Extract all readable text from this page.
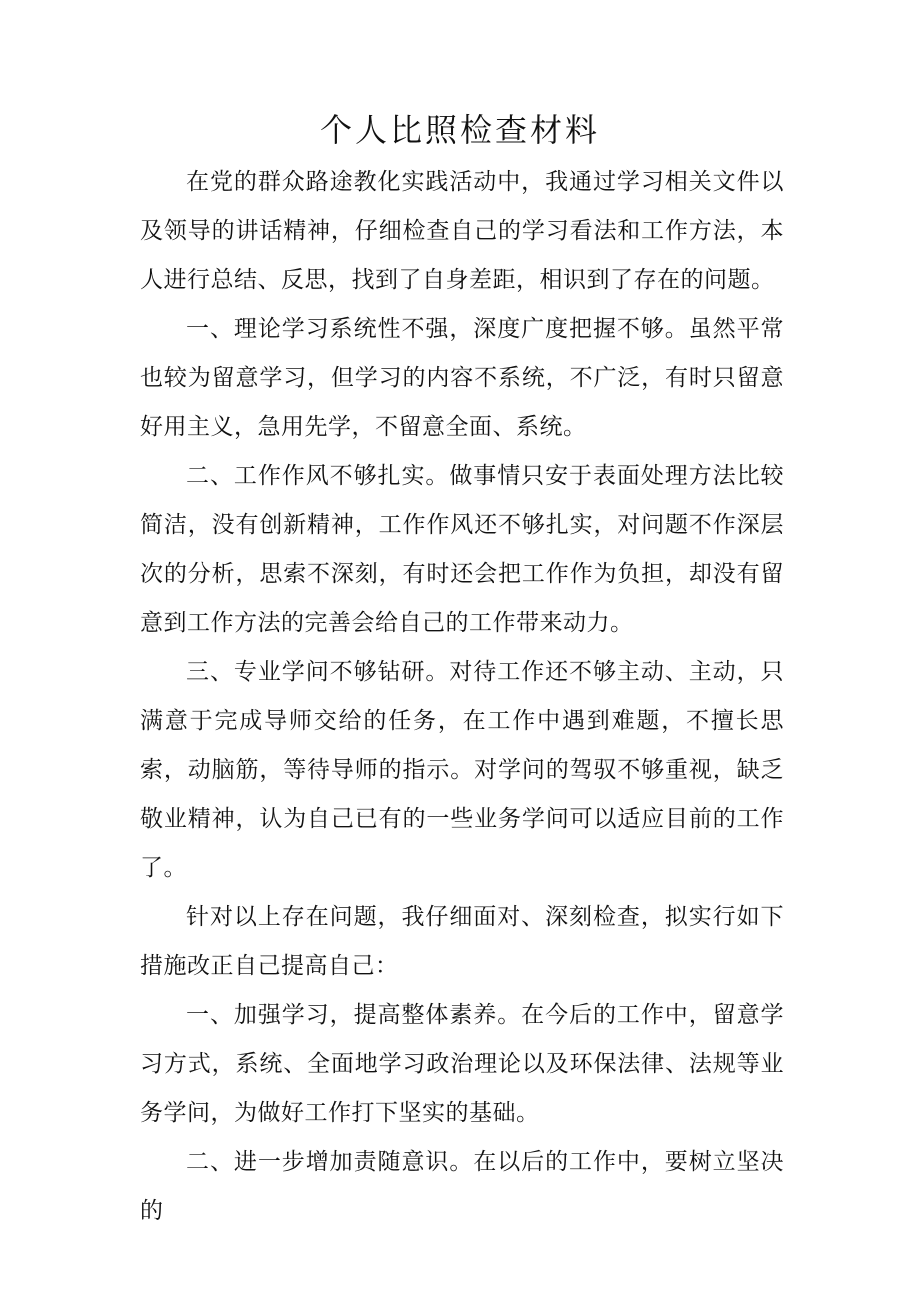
个人比照检查材料

在党的群众路途教化实践活动中，我通过学习相关文件以及领导的讲话精神，仔细检查自己的学习看法和工作方法，本人进行总结、反思，找到了自身差距，相识到了存在的问题。

一、理论学习系统性不强，深度广度把握不够。虽然平常也较为留意学习，但学习的内容不系统，不广泛，有时只留意好用主义，急用先学，不留意全面、系统。

二、工作作风不够扎实。做事情只安于表面处理方法比较简洁，没有创新精神，工作作风还不够扎实，对问题不作深层次的分析，思索不深刻，有时还会把工作作为负担，却没有留意到工作方法的完善会给自己的工作带来动力。

三、专业学问不够钻研。对待工作还不够主动、主动，只满意于完成导师交给的任务，在工作中遇到难题，不擅长思索，动脑筋，等待导师的指示。对学问的驾驭不够重视，缺乏敬业精神，认为自己已有的一些业务学问可以适应目前的工作了。

针对以上存在问题，我仔细面对、深刻检查，拟实行如下措施改正自己提高自己：

一、加强学习，提高整体素养。在今后的工作中，留意学习方式，系统、全面地学习政治理论以及环保法律、法规等业务学问，为做好工作打下坚实的基础。

二、进一步增加责随意识。在以后的工作中，要树立坚决的
